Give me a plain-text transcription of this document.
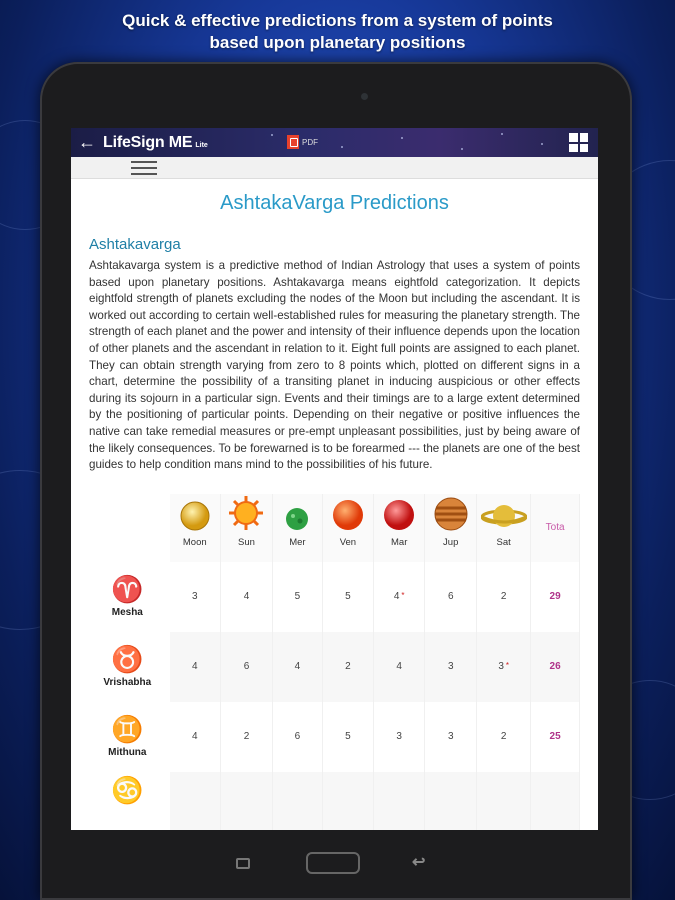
Quick & effective predictions from a system of points
based upon planetary positions
← LifeSign ME Lite	PDF
AshtakaVarga Predictions
Ashtakavarga
Ashtakavarga system is a predictive method of Indian Astrology that uses a system of points based upon planetary positions. Ashtakavarga means eightfold categorization. It depicts eightfold strength of planets excluding the nodes of the Moon but including the ascendant. It is worked out according to certain well-established rules for measuring the planetary strength. The strength of each planet and the power and intensity of their influence depends upon the location of other planets and the ascendant in relation to it. Eight full points are assigned to each planet. They can obtain strength varying from zero to 8 points which, plotted on different signs in a chart, determine the possibility of a transiting planet in inducing auspicious or other effects during its sojourn in a particular sign. Events and their timings are to a large extent determined by the positioning of particular points. Depending on their negative or positive influences the native can take remedial measures or pre-empt unpleasant possibilities, just by being aware of the likely consequences. To be forewarned is to be forearmed --- the planets are one of the best guides to help condition mans mind to the possibilities of his future.

Moon	Sun	Mer	Ven	Mar	Jup	Sat	Tota

♈
Mesha	3	4	5	5	4 *	6	2	29

♉
Vrishabha	4	6	4	2	4	3	3 *	26

♊
Mithuna	4	2	6	5	3	3	2	25

♋								

↩
